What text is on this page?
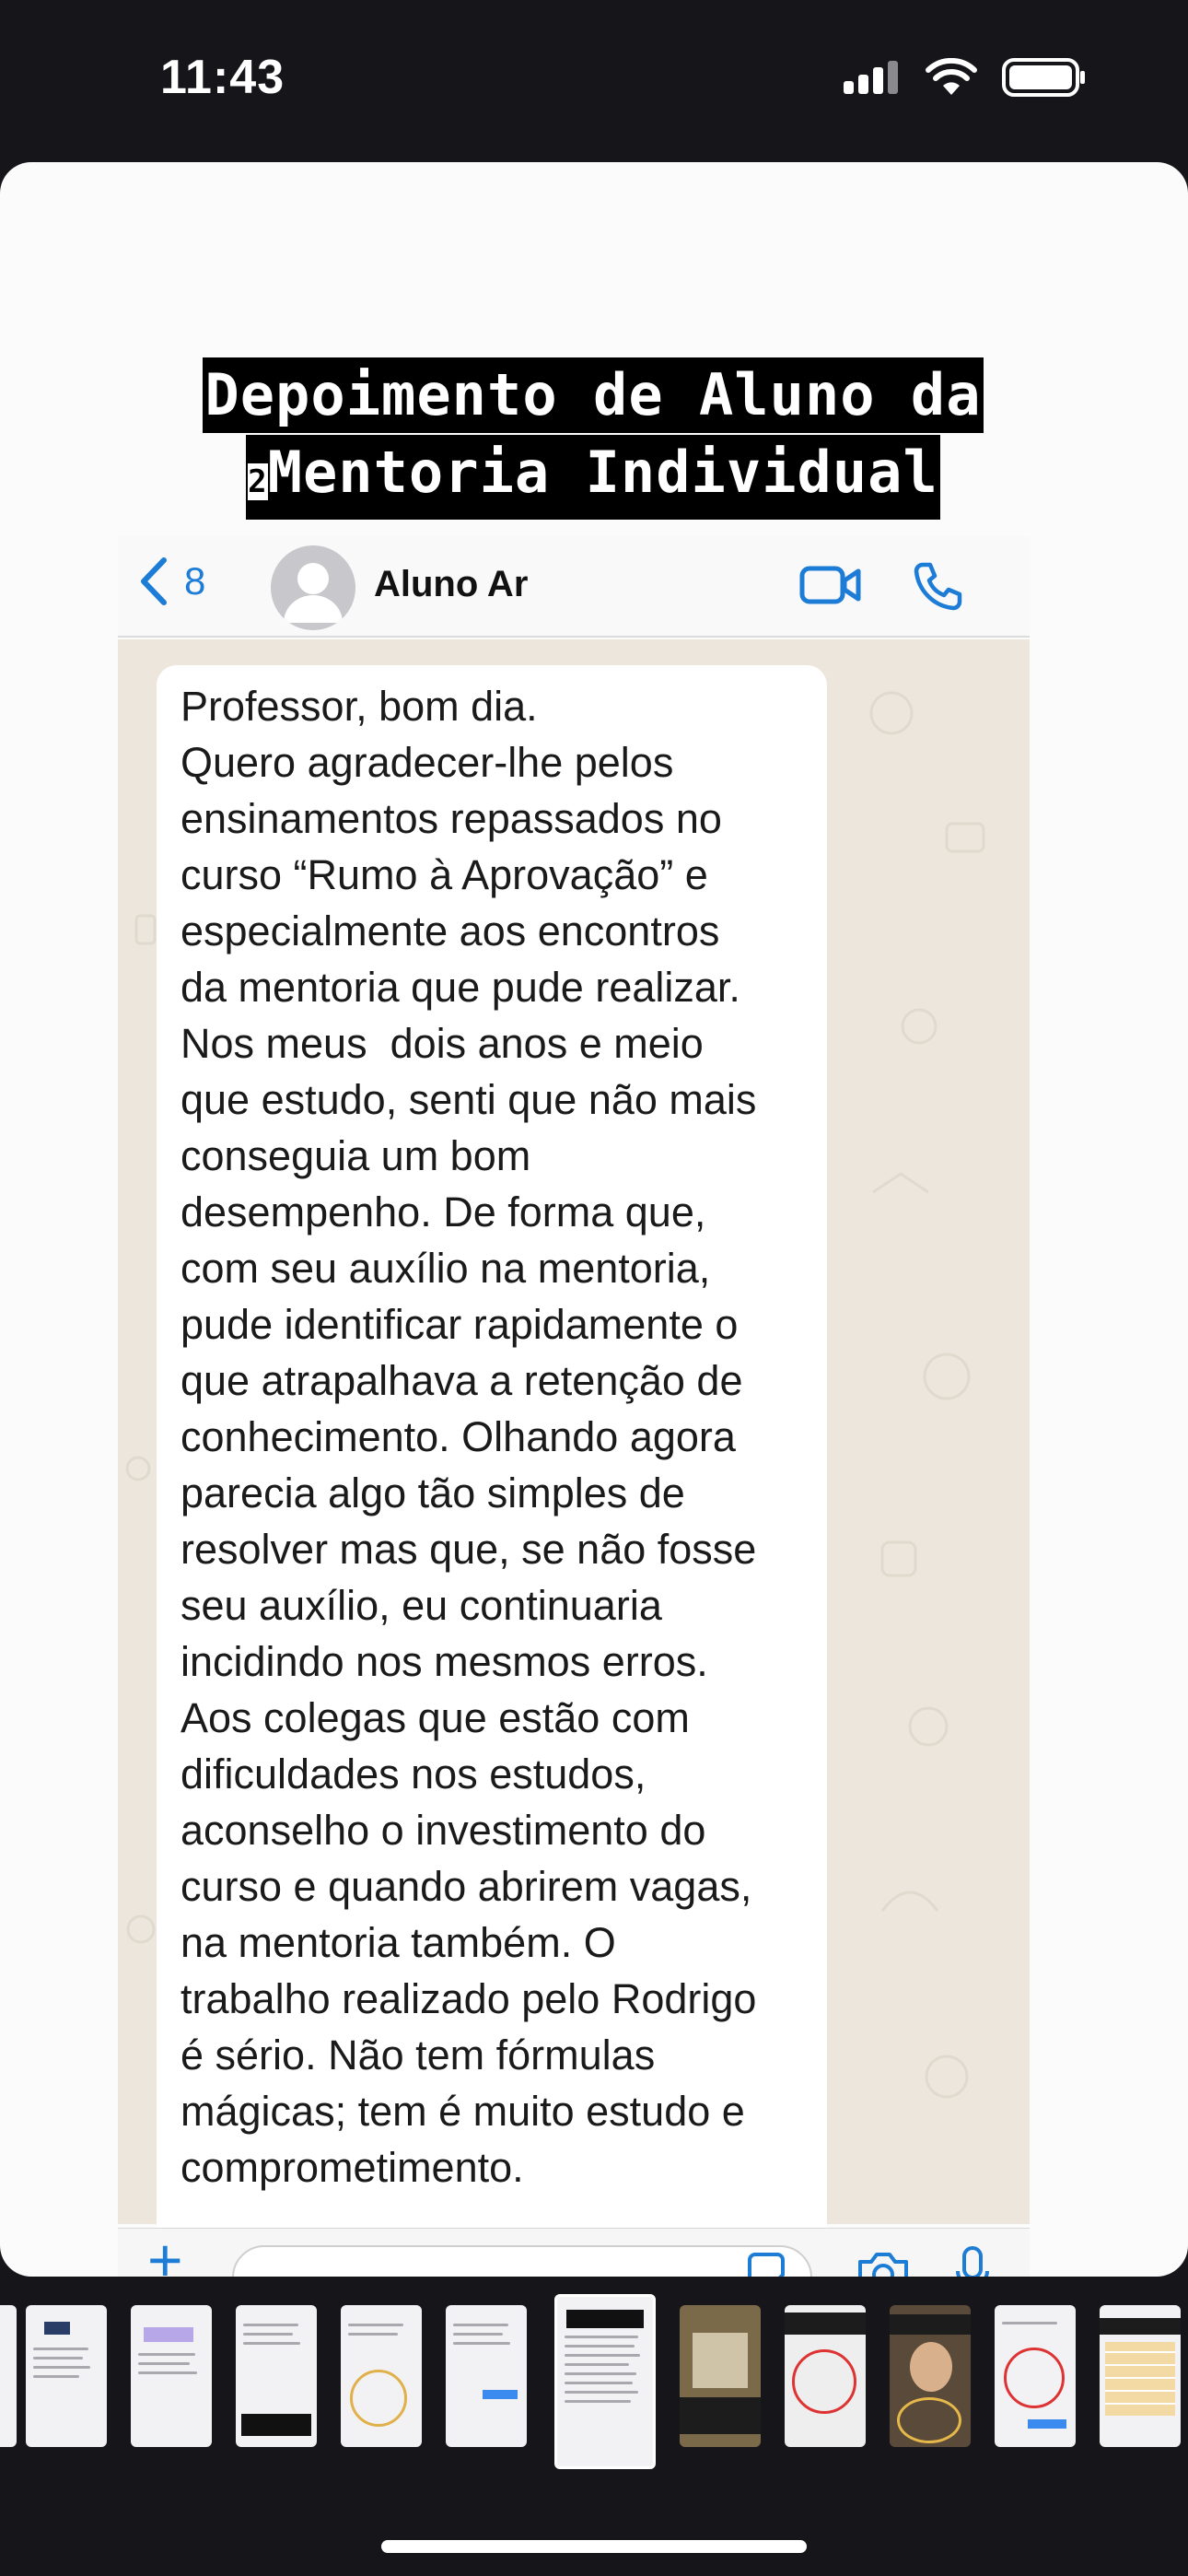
11:43
Depoimento de Aluno da
2Mentoria Individual
8	Aluno Ar
Professor, bom dia.
Quero agradecer-lhe pelos
ensinamentos repassados no
curso “Rumo à Aprovação” e
especialmente aos encontros
da mentoria que pude realizar.
Nos meus  dois anos e meio
que estudo, senti que não mais
conseguia um bom
desempenho. De forma que,
com seu auxílio na mentoria,
pude identificar rapidamente o
que atrapalhava a retenção de
conhecimento. Olhando agora
parecia algo tão simples de
resolver mas que, se não fosse
seu auxílio, eu continuaria
incidindo nos mesmos erros.
Aos colegas que estão com
dificuldades nos estudos,
aconselho o investimento do
curso e quando abrirem vagas,
na mentoria também. O
trabalho realizado pelo Rodrigo
é sério. Não tem fórmulas
mágicas; tem é muito estudo e
comprometimento.
+
